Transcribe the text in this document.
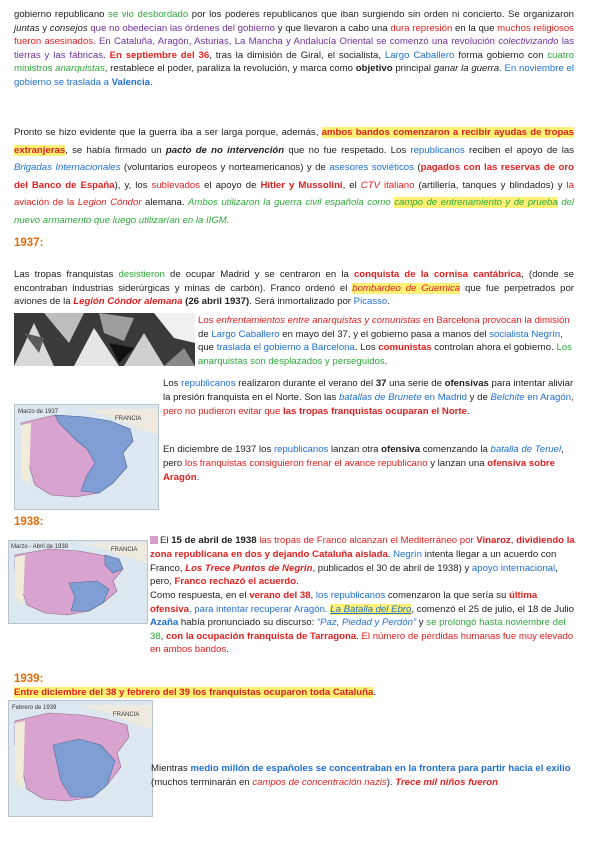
gobierno republicano se vio desbordado por los poderes republicanos que iban surgiendo sin orden ni concierto. Se organizaron juntas y consejos que no obedecían las órdenes del gobierno y que llevaron a cabo una dura represión en la que muchos religiosos fueron asesinados. En Cataluña, Aragón, Asturias, La Mancha y Andalucía Oriental se comenzó una revolución colectivizando las tierras y las fábricas. En septiembre del 36, tras la dimisión de Giral, el socialista, Largo Caballero forma gobierno con cuatro ministros anarquistas, restablece el poder, paraliza la revolución, y marca como objetivo principal ganar la guerra. En noviembre el gobierno se traslada a Valencia.
Pronto se hizo evidente que la guerra iba a ser larga porque, además, ambos bandos comenzaron a recibir ayudas de tropas extranjeras, se había firmado un pacto de no intervención que no fue respetado. Los republicanos reciben el apoyo de las Brigadas Internacionales (voluntarios europeos y norteamericanos) y de asesores soviéticos (pagados con las reservas de oro del Banco de España), y, los sublevados el apoyo de Hitler y Mussolini, el CTV italiano (artillería, tanques y blindados) y la aviación de la Legion Cóndor alemana. Ambos utilizaron la guerra civil española como campo de entrenamiento y de prueba del nuevo armamento que luego utilizarían en la IIGM.
1937:
Las tropas franquistas desistieron de ocupar Madrid y se centraron en la conquista de la cornisa cantábrica, (donde se encontraban industrias siderúrgicas y minas de carbón). Franco ordenó el bombardeo de Guernica que fue perpetrados por aviones de la Legión Cóndor alemana (26 abril 1937). Será inmortalizado por Picasso.
Los enfrentamientos entre anarquistas y comunistas en Barcelona provocan la dimisión de Largo Caballero en mayo del 37, y el gobierno pasa a manos del socialista Negrín, que traslada el gobierno a Barcelona. Los comunistas controlan ahora el gobierno. Los anarquistas son desplazados y perseguidos.
Marzo de 1937
FRANCIA
Los republicanos realizaron durante el verano del 37 una serie de ofensivas para intentar aliviar la presión franquista en el Norte. Son las batallas de Brunete en Madrid y de Belchite en Aragón, pero no pudieron evitar que las tropas franquistas ocuparan el Norte.
En diciembre de 1937 los republicanos lanzan otra ofensiva comenzando la batalla de Teruel, pero los franquistas consiguieron frenar el avance republicano y lanzan una ofensiva sobre Aragón.
1938:
Marzo - Abril de 1938	FRANCIA
El 15 de abril de 1938 las tropas de Franco alcanzan el Mediterráneo por Vinaroz, dividiendo la zona republicana en dos y dejando Cataluña aislada. Negrín intenta llegar a un acuerdo con Franco, Los Trece Puntos de Negrín, publicados el 30 de abril de 1938) y apoyo internacional, pero, Franco rechazó el acuerdo.
Como respuesta, en el verano del 38, los republicanos comenzaron la que sería su última ofensiva, para intentar recuperar Aragón. La Batalla del Ebro, comenzó el 25 de julio, el 18 de Julio Azaña había pronunciado su discurso: “Paz, Piedad y Perdón” y se prolongó hasta noviembre del 38, con la ocupación franquista de Tarragona. El número de pérdidas humanas fue muy elevado en ambos bandos.
1939:
Entre diciembre del 38 y febrero del 39 los franquistas ocuparon toda Cataluña.
Febrero de 1939
FRANCIA
Mientras medio millón de españoles se concentraban en la frontera para partir hacia el exilio (muchos terminarán en campos de concentración nazis). Trece mil niños fueron
